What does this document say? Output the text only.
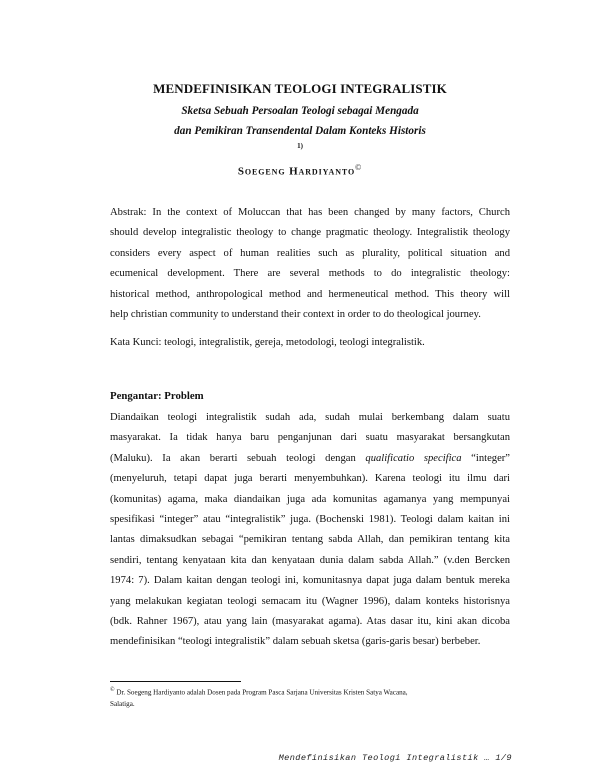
MENDEFINISIKAN TEOLOGI INTEGRALISTIK
Sketsa Sebuah Persoalan Teologi sebagai Mengada
dan Pemikiran Transendental Dalam Konteks Historis
1)
Soegeng Hardiyanto©
Abstrak: In the context of Moluccan that has been changed by many factors, Church
should develop integralistic theology to change pragmatic theology. Integralistik theology
considers every aspect of human realities such as plurality, political situation and
ecumenical development. There are several methods to do integralistic theology:
historical method, anthropological method and hermeneutical method. This theory will
help christian community to understand their context in order to do theological journey.
Kata Kunci: teologi, integralistik, gereja, metodologi, teologi integralistik.
Pengantar: Problem
Diandaikan teologi integralistik sudah ada, sudah mulai berkembang dalam suatu
masyarakat. Ia tidak hanya baru penganjunan dari suatu masyarakat bersangkutan
(Maluku). Ia akan berarti sebuah teologi dengan qualificatio specifica “integer”
(menyeluruh, tetapi dapat juga berarti menyembuhkan). Karena teologi itu ilmu dari
(komunitas) agama, maka diandaikan juga ada komunitas agamanya yang mempunyai
spesifikasi “integer” atau “integralistik” juga. (Bochenski 1981). Teologi dalam kaitan ini
lantas dimaksudkan sebagai “pemikiran tentang sabda Allah, dan pemikiran tentang kita
sendiri, tentang kenyataan kita dan kenyataan dunia dalam sabda Allah.” (v.den Bercken
1974: 7). Dalam kaitan dengan teologi ini, komunitasnya dapat juga dalam bentuk mereka
yang melakukan kegiatan teologi semacam itu (Wagner 1996), dalam konteks historisnya
(bdk. Rahner 1967), atau yang lain (masyarakat agama). Atas dasar itu, kini akan dicoba
mendefinisikan “teologi integralistik” dalam sebuah sketsa (garis-garis besar) berbeber.
© Dr. Soegeng Hardiyanto adalah Dosen pada Program Pasca Sarjana Universitas Kristen Satya Wacana,
Salatiga.
Mendefinisikan Teologi Integralistik … 1/9
